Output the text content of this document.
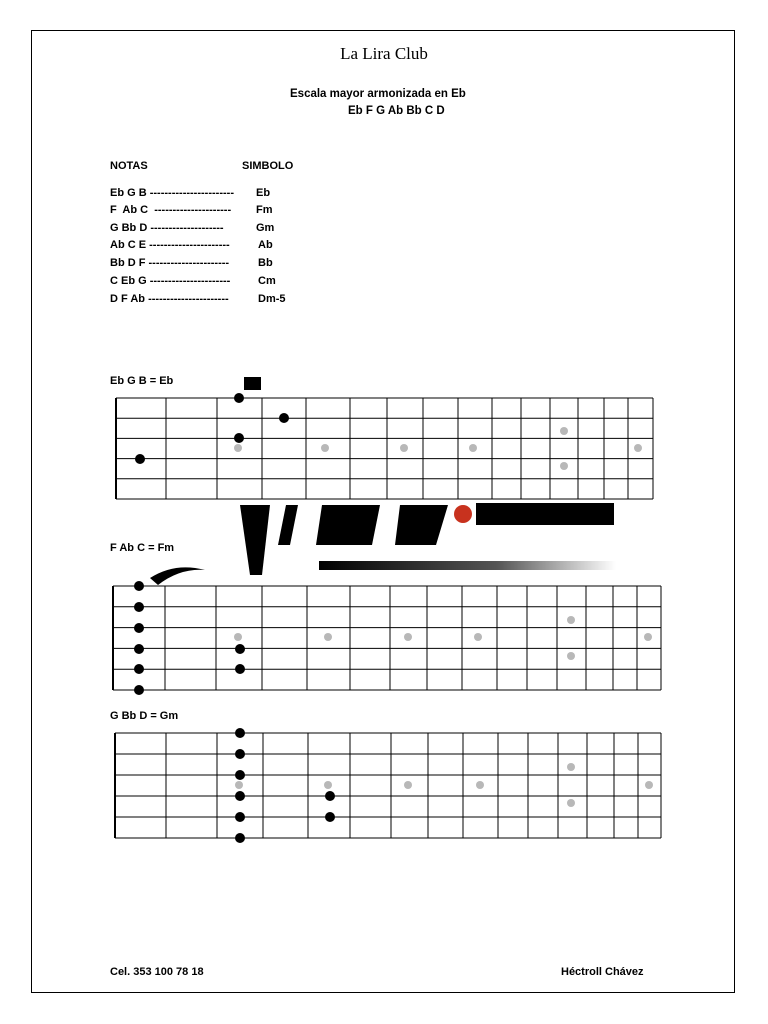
La Lira Club
Escala mayor armonizada en Eb
Eb F G Ab Bb C D
NOTAS	SIMBOLO
Eb G B ----------------------- Eb
F  Ab C  --------------------- Fm
G Bb D --------------------	Gm
Ab C E ----------------------	Ab
Bb D F ----------------------	Bb
C Eb G ----------------------	Cm
D F Ab ----------------------	Dm-5
Eb G B = Eb
F Ab C = Fm
G Bb D = Gm
Cel. 353 100 78 18	Héctroll Chávez
